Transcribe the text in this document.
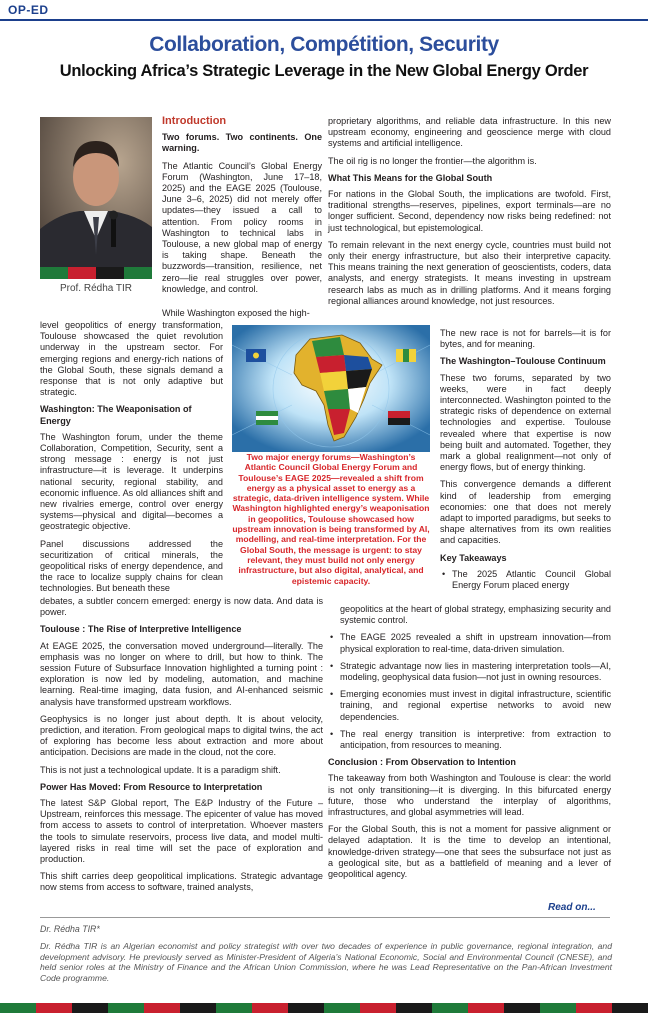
OP-ED
Collaboration, Compétition, Security
Unlocking Africa’s Strategic Leverage in the New Global Energy Order
Prof. Rédha TIR
Introduction

Two forums. Two continents. One warning.

The Atlantic Council’s Global Energy Forum (Washington, June 17–18, 2025) and the EAGE 2025 (Toulouse, June 3–6, 2025) did not merely offer updates—they issued a call to attention. From policy rooms in Washington to technical labs in Toulouse, a new global map of energy is taking shape. Beneath the buzzwords—transition, resilience, net zero—lie real struggles over power, knowledge, and control.

While Washington exposed the high-

level geopolitics of energy transformation, Toulouse showcased the quiet revolution underway in the upstream sector. For emerging regions and energy-rich nations of the Global South, these signals demand a response that is not only adaptive but strategic.

Washington: The Weaponisation of Energy

The Washington forum, under the theme Collaboration, Competition, Security, sent a strong message : energy is not just infrastructure—it is leverage. It underpins national security, regional stability, and economic influence. As old alliances shift and new rivalries emerge, control over energy systems—physical and digital—becomes a geostrategic objective.

Panel discussions addressed the securitization of critical minerals, the geopolitical risks of energy dependence, and the race to localize supply chains for clean technologies. But beneath these

debates, a subtler concern emerged: energy is now data. And data is power.

Toulouse : The Rise of Interpretive Intelligence

At EAGE 2025, the conversation moved underground—literally. The emphasis was no longer on where to drill, but how to think. The session Future of Subsurface Innovation highlighted a turning point : exploration is now led by modeling, automation, and machine learning. Real-time imaging, data fusion, and AI-enhanced seismic analysis have transformed upstream workflows.

Geophysics is no longer just about depth. It is about velocity, prediction, and iteration. From geological maps to digital twins, the act of exploring has become less about extraction and more about anticipation. Decisions are made in the cloud, not the core.

This is not just a technological update. It is a paradigm shift.

Power Has Moved: From Resource to Interpretation

The latest S&P Global report, The E&P Industry of the Future – Upstream, reinforces this message. The epicenter of value has moved from access to assets to control of interpretation. Whoever masters the tools to simulate reservoirs, process live data, and model multi-layered risks in real time will set the pace of exploration and production.

This shift carries deep geopolitical implications. Strategic advantage now stems from access to software, trained analysts,

proprietary algorithms, and reliable data infrastructure. In this new upstream economy, engineering and geoscience merge with cloud systems and artificial intelligence.

The oil rig is no longer the frontier—the algorithm is.

What This Means for the Global South

For nations in the Global South, the implications are twofold. First, traditional strengths—reserves, pipelines, export terminals—are no longer sufficient. Second, dependency now risks being redefined: not just technological, but epistemological.

To remain relevant in the next energy cycle, countries must build not only their energy infrastructure, but also their interpretive capacity. This means training the next generation of geoscientists, coders, data analysts, and energy strategists. It means investing in upstream research labs as much as in drilling platforms. And it means forging regional alliances around knowledge, not just resources.

The new race is not for barrels—it is for bytes, and for meaning.

The Washington–Toulouse Continuum

These two forums, separated by two weeks, were in fact deeply interconnected. Washington pointed to the strategic risks of dependence on external technologies and expertise. Toulouse revealed where that expertise is now being built and automated. Together, they mark a global realignment—not only of energy flows, but of energy thinking.

This convergence demands a different kind of leadership from emerging economies: one that does not merely adapt to imported paradigms, but seeks to shape alternatives from its own realities and capacities.

Key Takeaways

• The 2025 Atlantic Council Global Energy Forum placed energy

geopolitics at the heart of global strategy, emphasizing security and systemic control.

• The EAGE 2025 revealed a shift in upstream innovation—from physical exploration to real-time, data-driven simulation.

• Strategic advantage now lies in mastering interpretation tools—AI, modeling, geophysical data fusion—not just in owning resources.

• Emerging economies must invest in digital infrastructure, scientific training, and regional expertise networks to avoid new dependencies.

• The real energy transition is interpretive: from extraction to anticipation, from resources to meaning.

Conclusion : From Observation to Intention

The takeaway from both Washington and Toulouse is clear: the world is not only transitioning—it is diverging. In this bifurcated energy future, those who understand the interplay of algorithms, infrastructures, and global asymmetries will lead.

For the Global South, this is not a moment for passive alignment or delayed adaptation. It is the time to develop an intentional, knowledge-driven strategy—one that sees the subsurface not just as a geological site, but as a battlefield of meaning and a lever of geopolitical agency.

Two major energy forums—Washington’s Atlantic Council Global Energy Forum and Toulouse’s EAGE 2025—revealed a shift from energy as a physical asset to energy as a strategic, data-driven intelligence system. While Washington highlighted energy’s weaponisation in geopolitics, Toulouse showcased how upstream innovation is being transformed by AI, modelling, and real-time interpretation. For the Global South, the message is urgent: to stay relevant, they must build not only energy infrastructure, but also digital, analytical, and epistemic capacity.
Read on...
Dr. Rédha TIR*
Dr. Rédha TIR is an Algerian economist and policy strategist with over two decades of experience in public governance, regional integration, and development advisory. He previously served as Minister-President of Algeria’s National Economic, Social and Environmental Council (CNESE), and held senior roles at the Ministry of Finance and the African Union Commission, where he was Lead Representative on the Pan-African Investment Code programme.
